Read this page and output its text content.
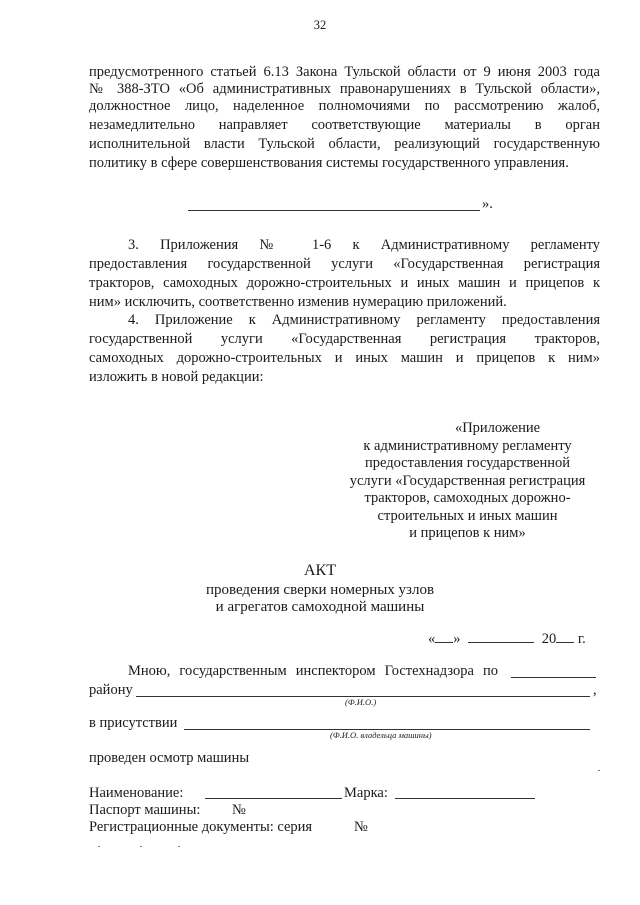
32
предусмотренного статьей 6.13 Закона Тульской области от 9 июня 2003 года
№ 388-ЗТО «Об административных правонарушениях в Тульской области»,
должностное лицо, наделенное полномочиями по рассмотрению жалоб,
незамедлительно направляет соответствующие материалы в орган
исполнительной власти Тульской области, реализующий государственную
политику в сфере совершенствования системы государственного управления.
».
3. Приложения № 1-6 к Административному регламенту
предоставления государственной услуги «Государственная регистрация
тракторов, самоходных дорожно-строительных и иных машин и прицепов к
ним» исключить, соответственно изменив нумерацию приложений.
4. Приложение к Административному регламенту предоставления
государственной услуги «Государственная регистрация тракторов,
самоходных дорожно-строительных и иных машин и прицепов к ним»
изложить в новой редакции:
«Приложение
к административному регламенту
предоставления государственной
услуги «Государственная регистрация
тракторов, самоходных дорожно-
строительных и иных машин
и прицепов к ним»
АКТ
проведения сверки номерных узлов
и агрегатов самоходной машины
« »	20 г.
Мною, государственным инспектором Гостехнадзора по
району	,
(Ф.И.О.)
в присутствии
(Ф.И.О. владельца машины)
проведен осмотр машины
Наименование:	Марка:
Паспорт машины: №
Регистрационные документы: серия	№
